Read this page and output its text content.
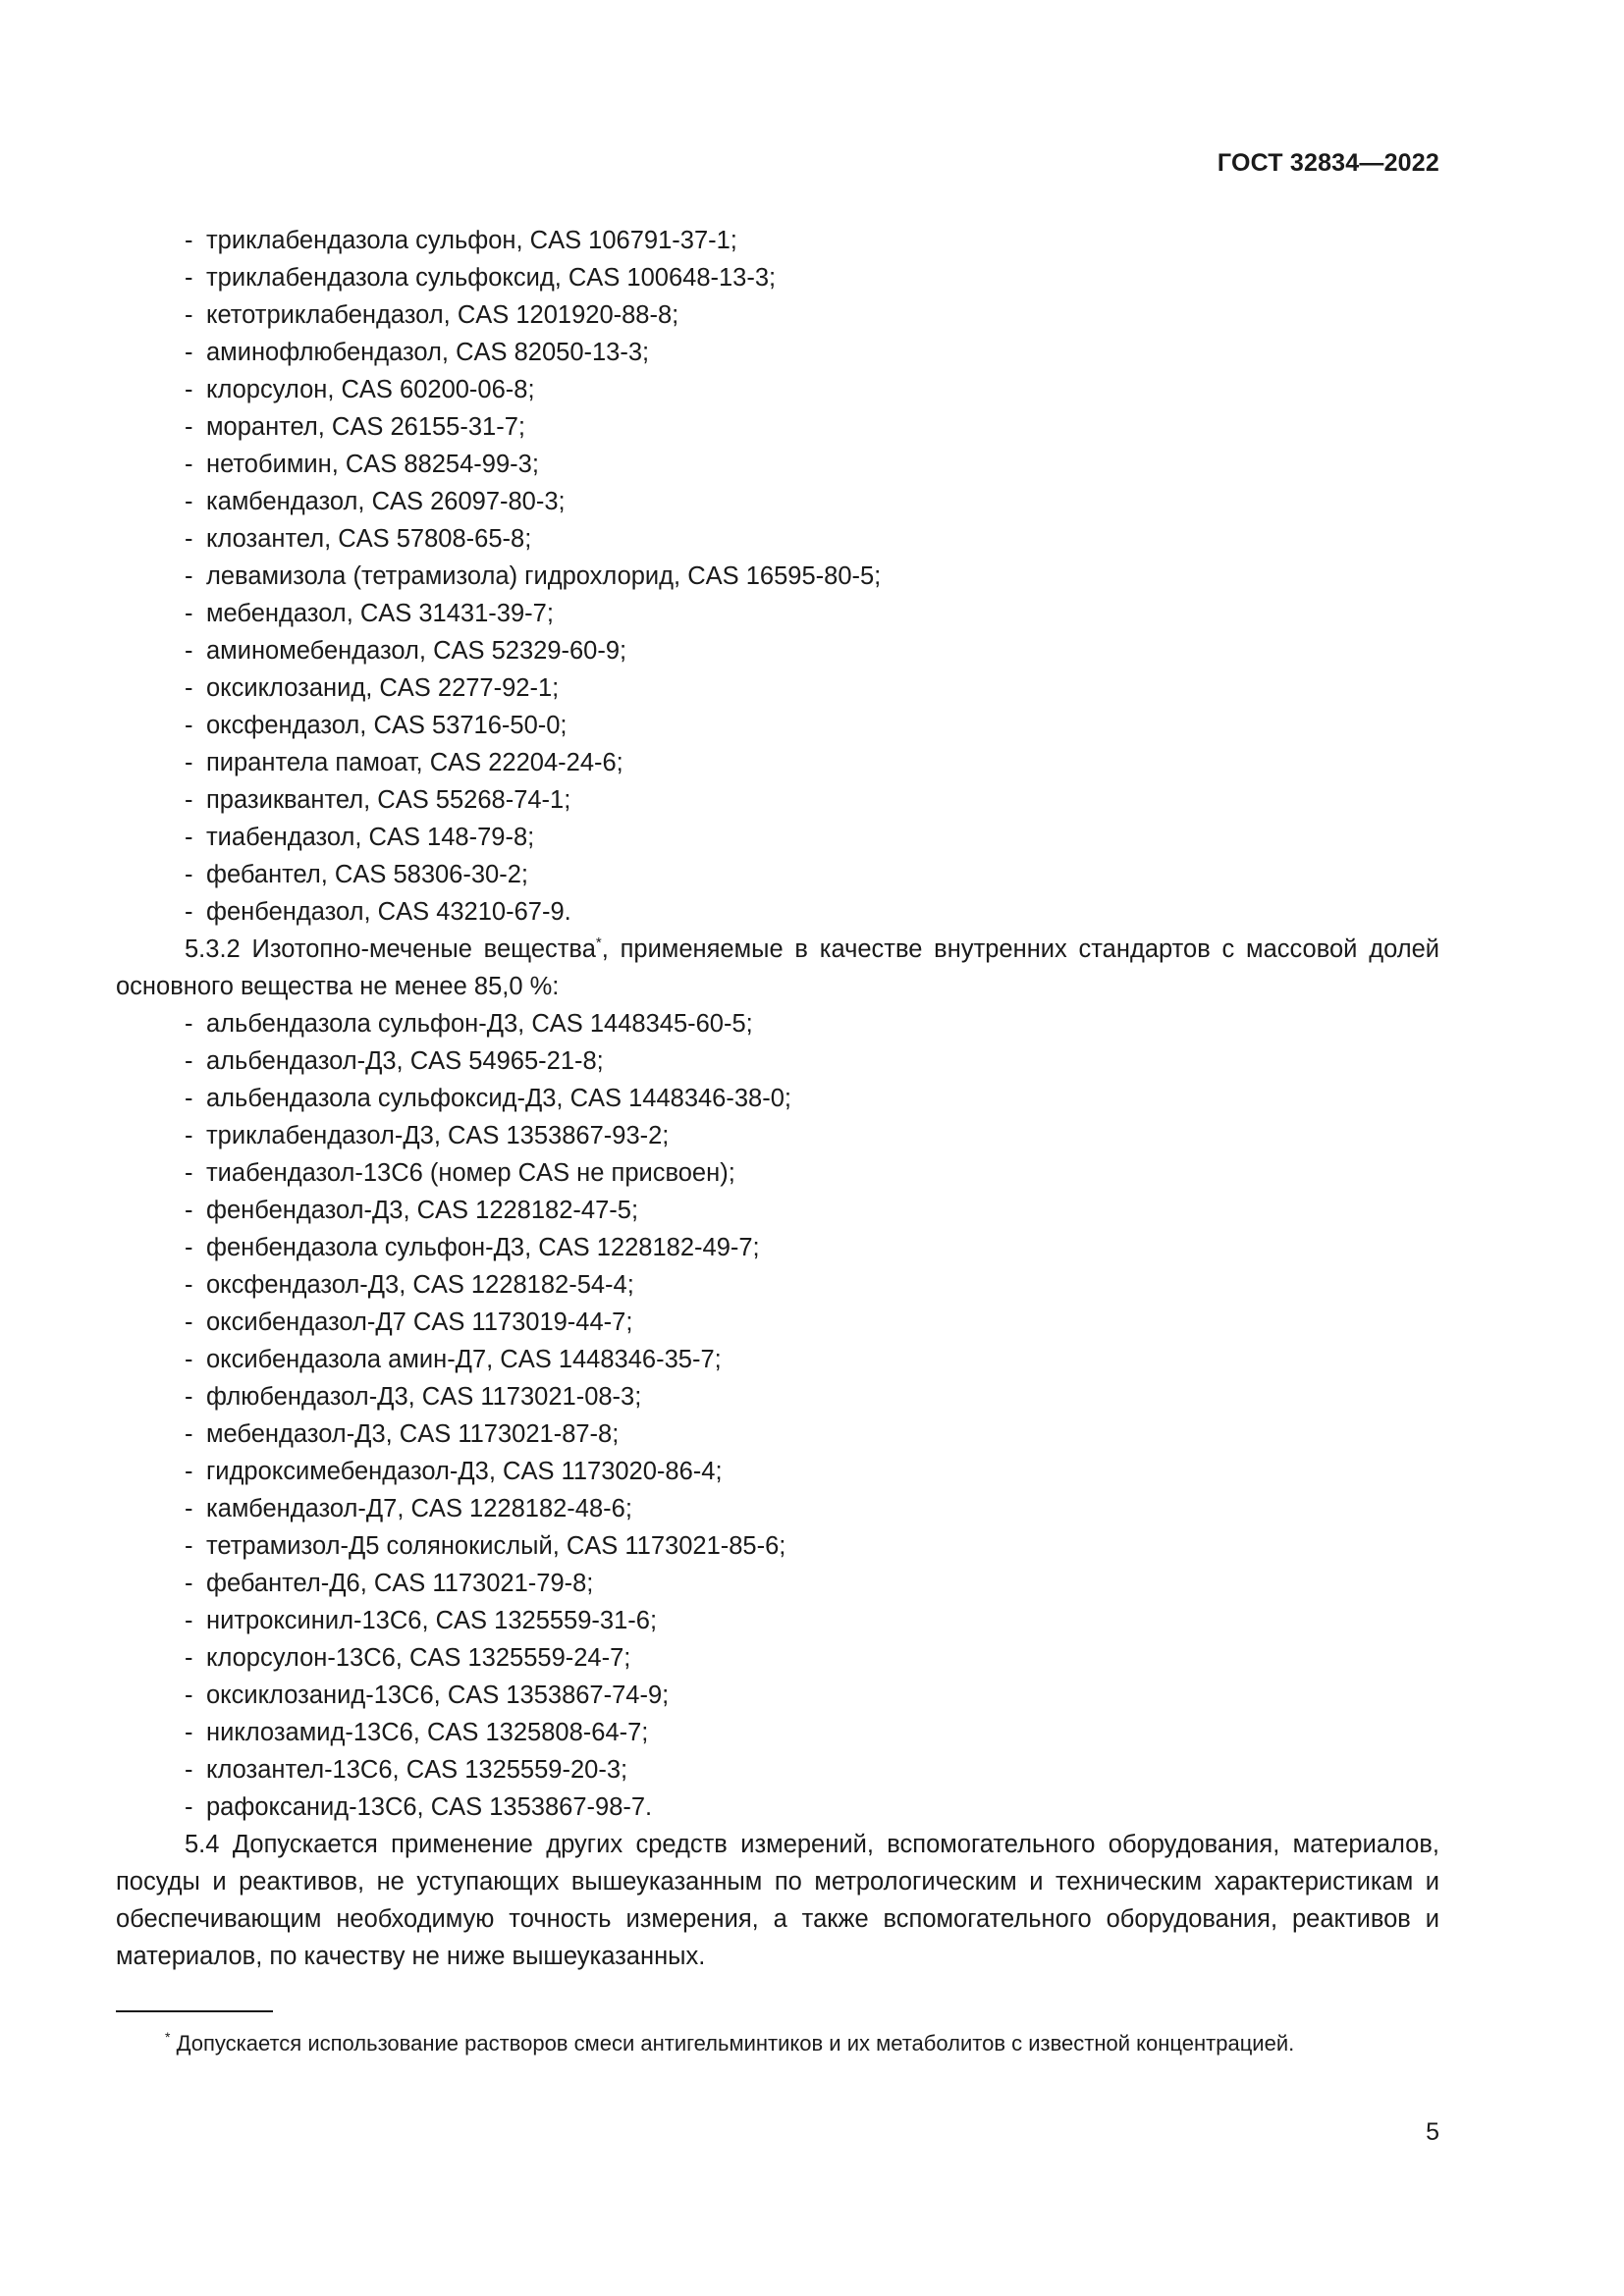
ГОСТ 32834—2022
- триклабендазола сульфон, CAS 106791-37-1;
- триклабендазола сульфоксид, CAS 100648-13-3;
- кетотриклабендазол, CAS 1201920-88-8;
- аминофлюбендазол, CAS 82050-13-3;
- клорсулон, CAS 60200-06-8;
- морантел, CAS 26155-31-7;
- нетобимин, CAS 88254-99-3;
- камбендазол, CAS 26097-80-3;
- клозантел, CAS 57808-65-8;
- левамизола (тетрамизола) гидрохлорид, CAS 16595-80-5;
- мебендазол, CAS 31431-39-7;
- аминомебендазол, CAS 52329-60-9;
- оксиклозанид, CAS 2277-92-1;
- оксфендазол, CAS 53716-50-0;
- пирантела памоат, CAS 22204-24-6;
- празиквантел, CAS 55268-74-1;
- тиабендазол, CAS 148-79-8;
- фебантел, CAS 58306-30-2;
- фенбендазол, CAS 43210-67-9.

5.3.2 Изотопно-меченые вещества*, применяемые в качестве внутренних стандартов с массовой долей основного вещества не менее 85,0 %:

- альбендазола сульфон-Д3, CAS 1448345-60-5;
- альбендазол-Д3, CAS 54965-21-8;
- альбендазола сульфоксид-Д3, CAS 1448346-38-0;
- триклабендазол-Д3, CAS 1353867-93-2;
- тиабендазол-13С6 (номер CAS не присвоен);
- фенбендазол-Д3, CAS 1228182-47-5;
- фенбендазола сульфон-Д3, CAS 1228182-49-7;
- оксфендазол-Д3, CAS 1228182-54-4;
- оксибендазол-Д7 CAS 1173019-44-7;
- оксибендазола амин-Д7, CAS 1448346-35-7;
- флюбендазол-Д3, CAS 1173021-08-3;
- мебендазол-Д3, CAS 1173021-87-8;
- гидроксимебендазол-Д3, CAS 1173020-86-4;
- камбендазол-Д7, CAS 1228182-48-6;
- тетрамизол-Д5 солянокислый, CAS 1173021-85-6;
- фебантел-Д6, CAS 1173021-79-8;
- нитроксинил-13С6, CAS 1325559-31-6;
- клорсулон-13С6, CAS 1325559-24-7;
- оксиклозанид-13С6, CAS 1353867-74-9;
- никлозамид-13С6, CAS 1325808-64-7;
- клозантел-13С6, CAS 1325559-20-3;
- рафоксанид-13С6, CAS 1353867-98-7.

5.4 Допускается применение других средств измерений, вспомогательного оборудования, материалов, посуды и реактивов, не уступающих вышеуказанным по метрологическим и техническим характеристикам и обеспечивающим необходимую точность измерения, а также вспомогательного оборудования, реактивов и материалов, по качеству не ниже вышеуказанных.

* Допускается использование растворов смеси антигельминтиков и их метаболитов с известной концентрацией.
5
